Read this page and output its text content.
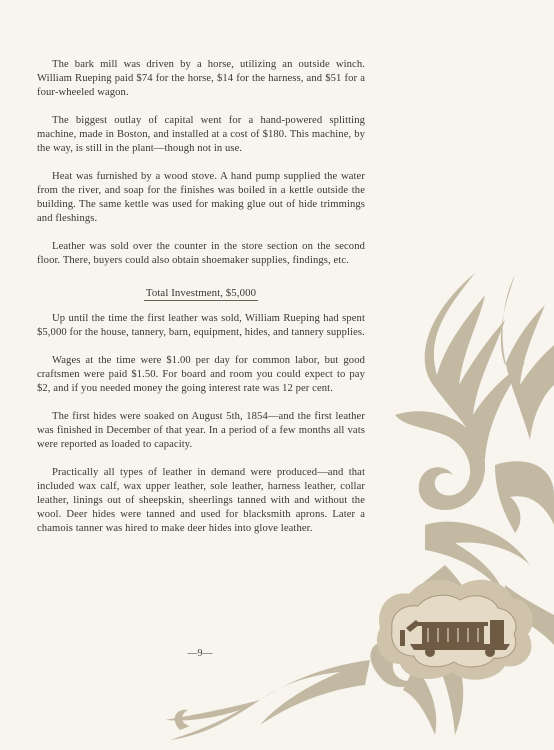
The bark mill was driven by a horse, utilizing an outside winch. William Rueping paid $74 for the horse, $14 for the harness, and $51 for a four-wheeled wagon.

The biggest outlay of capital went for a hand-powered splitting machine, made in Boston, and installed at a cost of $180. This machine, by the way, is still in the plant—though not in use.

Heat was furnished by a wood stove. A hand pump supplied the water from the river, and soap for the finishes was boiled in a kettle outside the building. The same kettle was used for making glue out of hide trimmings and fleshings.

Leather was sold over the counter in the store section on the second floor. There, buyers could also obtain shoemaker supplies, findings, etc.

Total Investment, $5,000

Up until the time the first leather was sold, William Rueping had spent $5,000 for the house, tannery, barn, equipment, hides, and tannery supplies.

Wages at the time were $1.00 per day for common labor, but good craftsmen were paid $1.50. For board and room you could expect to pay $2, and if you needed money the going interest rate was 12 per cent.

The first hides were soaked on August 5th, 1854—and the first leather was finished in December of that year. In a period of a few months all vats were reported as loaded to capacity.

Practically all types of leather in demand were produced—and that included wax calf, wax upper leather, sole leather, harness leather, collar leather, linings out of sheepskin, sheerlings tanned with and without the wool. Deer hides were tanned and used for blacksmith aprons. Later a chamois tanner was hired to make deer hides into glove leather.

—9—
